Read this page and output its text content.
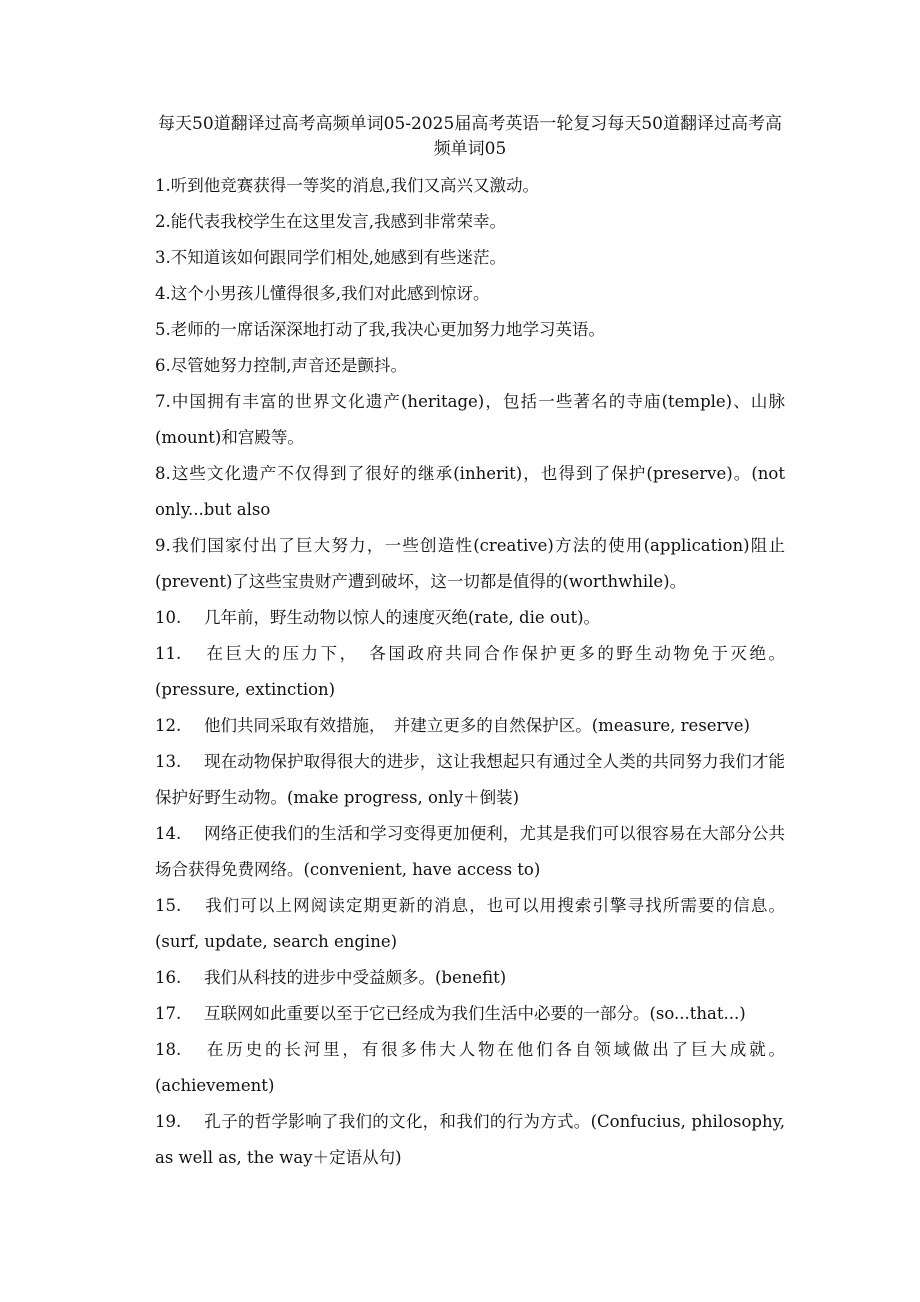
每天50道翻译过高考高频单词05-2025届高考英语一轮复习每天50道翻译过高考高频单词05
1.听到他竞赛获得一等奖的消息,我们又高兴又激动。
2.能代表我校学生在这里发言,我感到非常荣幸。
3.不知道该如何跟同学们相处,她感到有些迷茫。
4.这个小男孩儿懂得很多,我们对此感到惊讶。
5.老师的一席话深深地打动了我,我决心更加努力地学习英语。
6.尽管她努力控制,声音还是颤抖。
7.中国拥有丰富的世界文化遗产(heritage)，包括一些著名的寺庙(temple)、山脉(mount)和宫殿等。
8.这些文化遗产不仅得到了很好的继承(inherit)，也得到了保护(preserve)。(not only...but also
9.我们国家付出了巨大努力，一些创造性(creative)方法的使用(application)阻止(prevent)了这些宝贵财产遭到破坏，这一切都是值得的(worthwhile)。
10. 几年前，野生动物以惊人的速度灭绝(rate, die out)。
11. 在巨大的压力下，　各国政府共同合作保护更多的野生动物免于灭绝。(pressure, extinction)
12. 他们共同采取有效措施，　并建立更多的自然保护区。(measure, reserve)
13. 现在动物保护取得很大的进步，这让我想起只有通过全人类的共同努力我们才能保护好野生动物。(make progress, only＋倒装)
14. 网络正使我们的生活和学习变得更加便利，尤其是我们可以很容易在大部分公共场合获得免费网络。(convenient, have access to)
15. 我们可以上网阅读定期更新的消息，也可以用搜索引擎寻找所需要的信息。(surf, update, search engine)
16. 我们从科技的进步中受益颇多。(benefit)
17. 互联网如此重要以至于它已经成为我们生活中必要的一部分。(so...that...)
18. 在历史的长河里，有很多伟大人物在他们各自领域做出了巨大成就。(achievement)
19. 孔子的哲学影响了我们的文化，和我们的行为方式。(Confucius, philosophy, as well as, the way＋定语从句)
